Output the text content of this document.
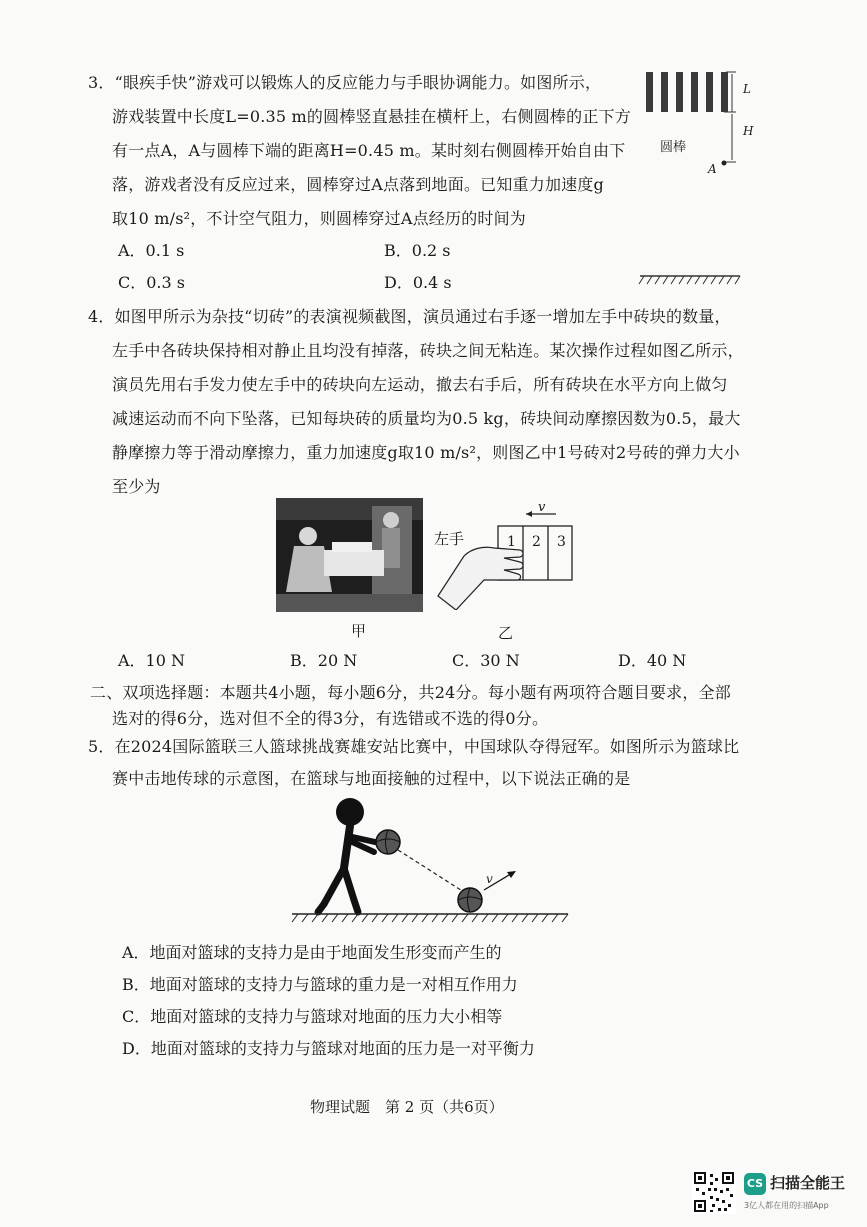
3．“眼疾手快”游戏可以锻炼人的反应能力与手眼协调能力。如图所示，
游戏装置中长度L=0.35 m的圆棒竖直悬挂在横杆上，右侧圆棒的正下方
有一点A，A与圆棒下端的距离H=0.45 m。某时刻右侧圆棒开始自由下
落，游戏者没有反应过来，圆棒穿过A点落到地面。已知重力加速度g
取10 m/s²，不计空气阻力，则圆棒穿过A点经历的时间为
A．0.1 s	B．0.2 s
C．0.3 s	D．0.4 s
L
H
圆棒
A
4．如图甲所示为杂技“切砖”的表演视频截图，演员通过右手逐一增加左手中砖块的数量，
左手中各砖块保持相对静止且均没有掉落，砖块之间无粘连。某次操作过程如图乙所示，
演员先用右手发力使左手中的砖块向左运动，撤去右手后，所有砖块在水平方向上做匀
减速运动而不向下坠落，已知每块砖的质量均为0.5 kg，砖块间动摩擦因数为0.5，最大
静摩擦力等于滑动摩擦力，重力加速度g取10 m/s²，则图乙中1号砖对2号砖的弹力大小
至少为
甲
左手
v
1 2 3
乙
A．10 N	B．20 N	C．30 N	D．40 N
二、双项选择题：本题共4小题，每小题6分，共24分。每小题有两项符合题目要求，全部
选对的得6分，选对但不全的得3分，有选错或不选的得0分。
5．在2024国际篮联三人篮球挑战赛雄安站比赛中，中国球队夺得冠军。如图所示为篮球比
赛中击地传球的示意图，在篮球与地面接触的过程中，以下说法正确的是
v
A．地面对篮球的支持力是由于地面发生形变而产生的
B．地面对篮球的支持力与篮球的重力是一对相互作用力
C．地面对篮球的支持力与篮球对地面的压力大小相等
D．地面对篮球的支持力与篮球对地面的压力是一对平衡力
物理试题　第 2 页（共6页）
CS 扫描全能王
3亿人都在用的扫描App
